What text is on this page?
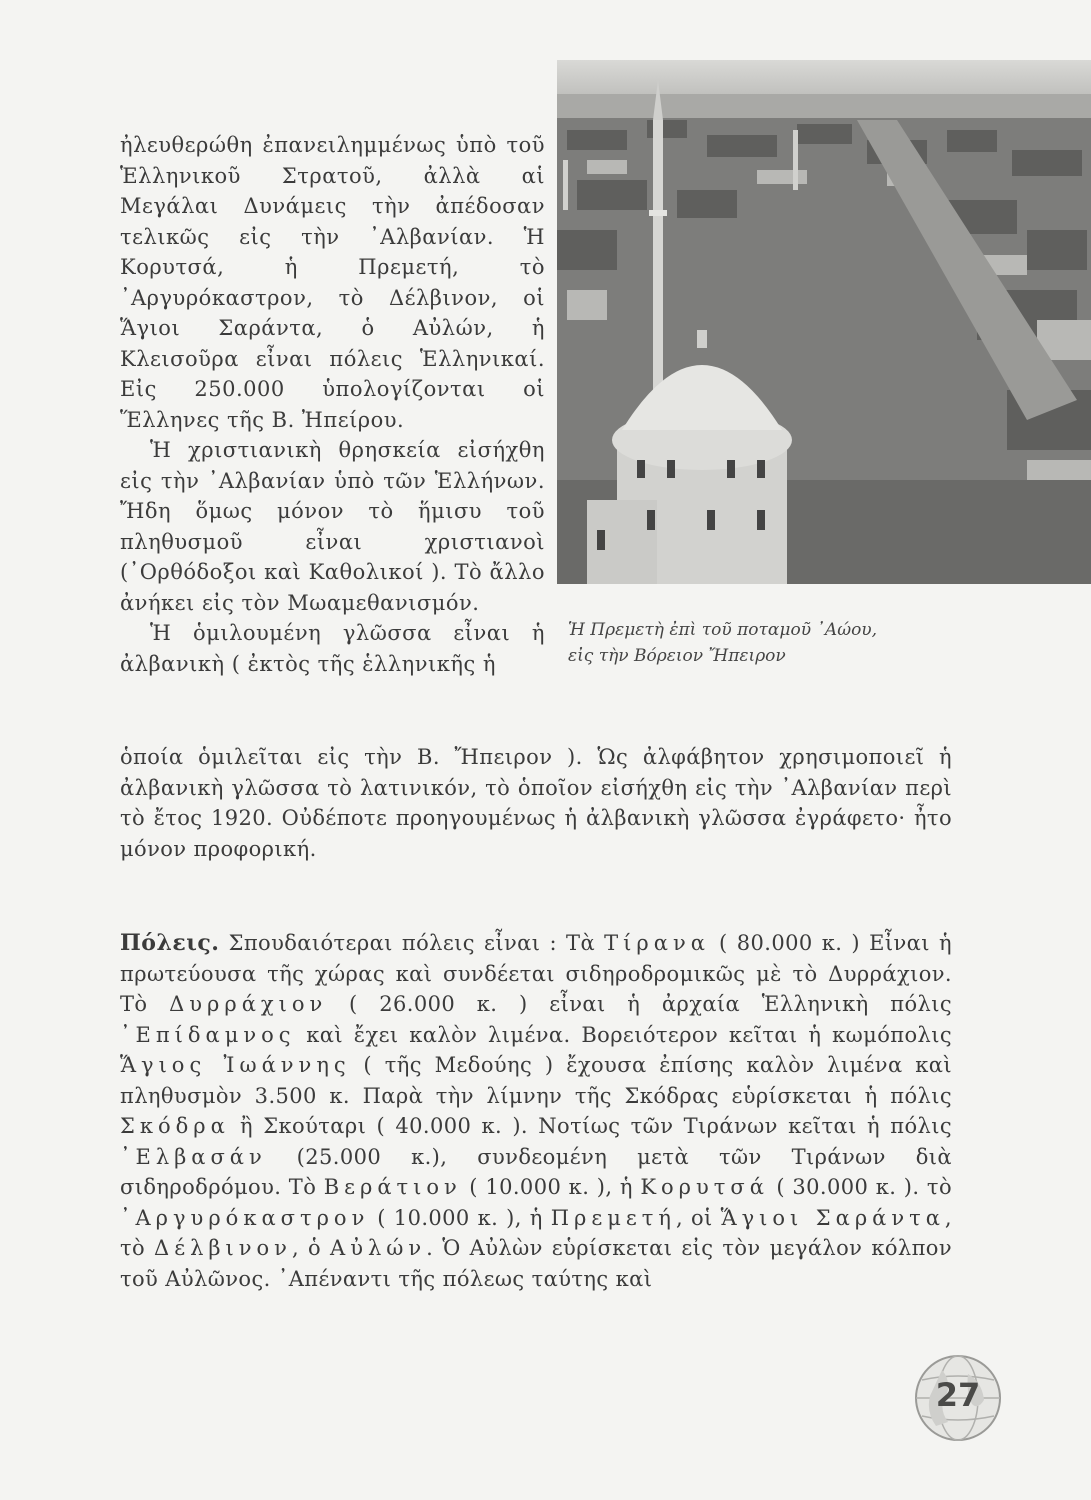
Ἡ Πρεμετὴ ἐπὶ τοῦ ποταμοῦ ᾿Αώου,
εἰς τὴν Βόρειον Ἤπειρον

ἠλευθερώθη ἐπανειλημμένως ὑπὸ τοῦ Ἑλληνικοῦ Στρατοῦ, ἀλλὰ αἱ Μεγάλαι Δυνάμεις τὴν ἀπέδοσαν τελικῶς εἰς τὴν ᾿Αλβανίαν. Ἡ Κορυτσά, ἡ Πρεμετή, τὸ ᾿Αργυρόκαστρον, τὸ Δέλβινον, οἱ Ἅγιοι Σαράντα, ὁ Αὐλών, ἡ Κλεισοῦρα εἶναι πόλεις Ἑλληνικαί. Εἰς 250.000 ὑπολογίζονται οἱ Ἕλληνες τῆς Β. Ἠπείρου.

Ἡ χριστιανικὴ θρησκεία εἰσήχθη εἰς τὴν ᾿Αλβανίαν ὑπὸ τῶν Ἑλλήνων. Ἤδη ὅμως μόνον τὸ ἥμισυ τοῦ πληθυσμοῦ εἶναι χριστιανοὶ (᾿Ορθόδοξοι καὶ Καθολικοί ). Τὸ ἄλλο ἀνήκει εἰς τὸν Μωαμεθανισμόν.

Ἡ ὁμιλουμένη γλῶσσα εἶναι ἡ ἀλβανικὴ ( ἐκτὸς τῆς ἑλληνικῆς ἡ

ὁποία ὁμιλεῖται εἰς τὴν Β. Ἤπειρον ). Ὡς ἀλφάβητον χρησιμοποιεῖ ἡ ἀλβανικὴ γλῶσσα τὸ λατινικόν, τὸ ὁποῖον εἰσήχθη εἰς τὴν ᾿Αλβανίαν περὶ τὸ ἔτος 1920. Οὐδέποτε προηγουμένως ἡ ἀλβανικὴ γλῶσσα ἐγράφετο· ἦτο μόνον προφορική.

Πόλεις. Σπουδαιότεραι πόλεις εἶναι : Τὰ Τίρανα ( 80.000 κ. ) Εἶναι ἡ πρωτεύουσα τῆς χώρας καὶ συνδέεται σιδηροδρομικῶς μὲ τὸ Δυρράχιον. Τὸ Δυρράχιον ( 26.000 κ. ) εἶναι ἡ ἀρχαία Ἑλληνικὴ πόλις ᾿Επίδαμνος καὶ ἔχει καλὸν λιμένα. Βορειότερον κεῖται ἡ κωμόπολις Ἅγιος Ἰωάννης ( τῆς Μεδούης ) ἔχουσα ἐπίσης καλὸν λιμένα καὶ πληθυσμὸν 3.500 κ. Παρὰ τὴν λίμνην τῆς Σκόδρας εὑρίσκεται ἡ πόλις Σκόδρα ἢ Σκούταρι ( 40.000 κ. ). Νοτίως τῶν Τιράνων κεῖται ἡ πόλις ᾿Ελβασάν (25.000 κ.), συνδεομένη μετὰ τῶν Τιράνων διὰ σιδηροδρόμου. Τὸ Βεράτιον ( 10.000 κ. ), ἡ Κορυτσά ( 30.000 κ. ). τὸ ᾿Αργυρόκαστρον ( 10.000 κ. ), ἡ Πρεμετή, οἱ Ἅγιοι Σαράντα, τὸ Δέλβινον, ὁ Αὐλών. Ὁ Αὐλὼν εὑρίσκεται εἰς τὸν μεγάλον κόλπον τοῦ Αὐλῶνος. ᾿Απέναντι τῆς πόλεως ταύτης καὶ

27
